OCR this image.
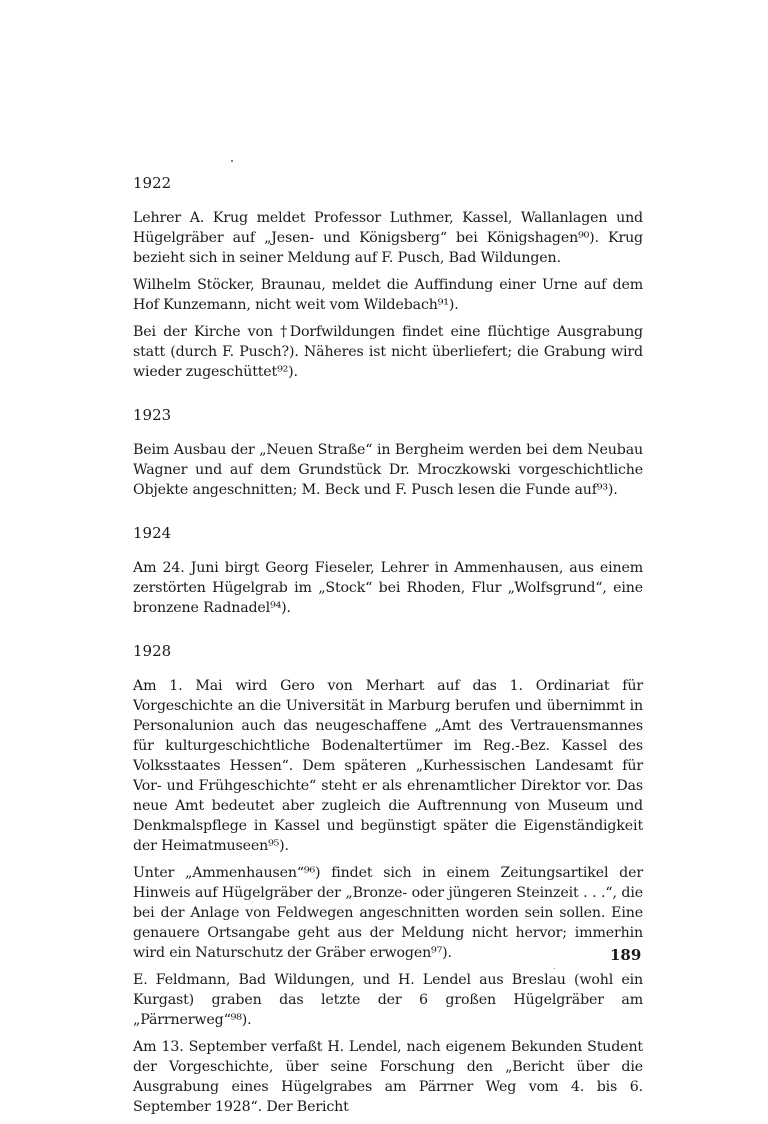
1922

Lehrer A. Krug meldet Professor Luthmer, Kassel, Wallanlagen und Hügelgräber auf „Jesen- und Königsberg“ bei Königshagen⁹⁰). Krug bezieht sich in seiner Meldung auf F. Pusch, Bad Wildungen.

Wilhelm Stöcker, Braunau, meldet die Auffindung einer Urne auf dem Hof Kunzemann, nicht weit vom Wildebach⁹¹).

Bei der Kirche von †Dorfwildungen findet eine flüchtige Ausgrabung statt (durch F. Pusch?). Näheres ist nicht überliefert; die Grabung wird wieder zugeschüttet⁹²).

1923

Beim Ausbau der „Neuen Straße“ in Bergheim werden bei dem Neubau Wagner und auf dem Grundstück Dr. Mroczkowski vorgeschichtliche Objekte angeschnitten; M. Beck und F. Pusch lesen die Funde auf⁹³).

1924

Am 24. Juni birgt Georg Fieseler, Lehrer in Ammenhausen, aus einem zerstörten Hügelgrab im „Stock“ bei Rhoden, Flur „Wolfsgrund“, eine bronzene Radnadel⁹⁴).

1928

Am 1. Mai wird Gero von Merhart auf das 1. Ordinariat für Vorgeschichte an die Universität in Marburg berufen und übernimmt in Personalunion auch das neugeschaffene „Amt des Vertrauensmannes für kulturgeschichtliche Bodenaltertümer im Reg.-Bez. Kassel des Volksstaates Hessen“. Dem späteren „Kurhessischen Landesamt für Vor- und Frühgeschichte“ steht er als ehrenamtlicher Direktor vor. Das neue Amt bedeutet aber zugleich die Auftrennung von Museum und Denkmalspflege in Kassel und begünstigt später die Eigenständigkeit der Heimatmuseen⁹⁵).

Unter „Ammenhausen“⁹⁶) findet sich in einem Zeitungsartikel der Hinweis auf Hügelgräber der „Bronze- oder jüngeren Steinzeit . . .“, die bei der Anlage von Feldwegen angeschnitten worden sein sollen. Eine genauere Ortsangabe geht aus der Meldung nicht hervor; immerhin wird ein Naturschutz der Gräber erwogen⁹⁷).

E. Feldmann, Bad Wildungen, und H. Lendel aus Breslau (wohl ein Kurgast) graben das letzte der 6 großen Hügelgräber am „Pärrnerweg“⁹⁸).

Am 13. September verfaßt H. Lendel, nach eigenem Bekunden Student der Vorgeschichte, über seine Forschung den „Bericht über die Ausgrabung eines Hügelgrabes am Pärrner Weg vom 4. bis 6. September 1928“. Der Bericht

189
